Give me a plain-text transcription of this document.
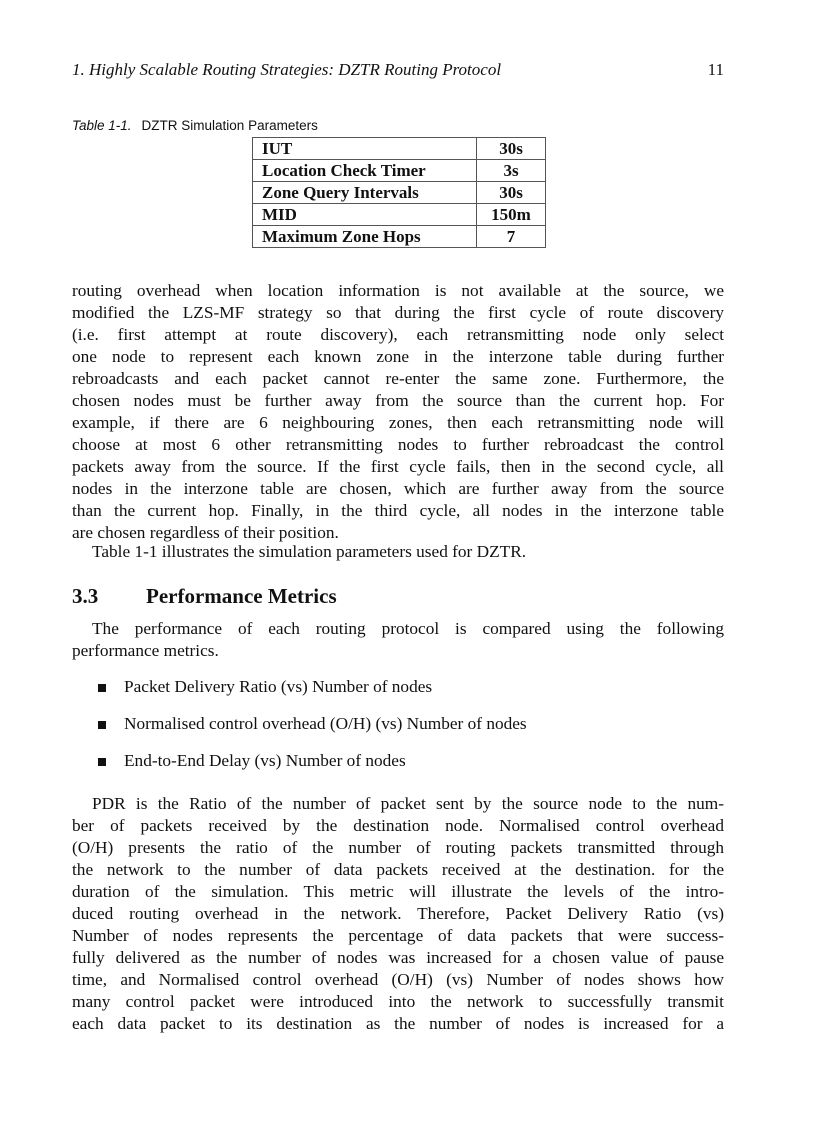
1. Highly Scalable Routing Strategies: DZTR Routing Protocol	11
Table 1-1. DZTR Simulation Parameters
IUT	30s
Location Check Timer	3s
Zone Query Intervals	30s
MID	150m
Maximum Zone Hops	7
routing overhead when location information is not available at the source, we
modified the LZS-MF strategy so that during the first cycle of route discovery
(i.e. first attempt at route discovery), each retransmitting node only select
one node to represent each known zone in the interzone table during further
rebroadcasts and each packet cannot re-enter the same zone. Furthermore, the
chosen nodes must be further away from the source than the current hop. For
example, if there are 6 neighbouring zones, then each retransmitting node will
choose at most 6 other retransmitting nodes to further rebroadcast the control
packets away from the source. If the first cycle fails, then in the second cycle, all
nodes in the interzone table are chosen, which are further away from the source
than the current hop. Finally, in the third cycle, all nodes in the interzone table
are chosen regardless of their position.
Table 1-1 illustrates the simulation parameters used for DZTR.
3.3 Performance Metrics
The performance of each routing protocol is compared using the following
performance metrics.
Packet Delivery Ratio (vs) Number of nodes
Normalised control overhead (O/H) (vs) Number of nodes
End-to-End Delay (vs) Number of nodes
PDR is the Ratio of the number of packet sent by the source node to the num-
ber of packets received by the destination node. Normalised control overhead
(O/H) presents the ratio of the number of routing packets transmitted through
the network to the number of data packets received at the destination. for the
duration of the simulation. This metric will illustrate the levels of the intro-
duced routing overhead in the network. Therefore, Packet Delivery Ratio (vs)
Number of nodes represents the percentage of data packets that were success-
fully delivered as the number of nodes was increased for a chosen value of pause
time, and Normalised control overhead (O/H) (vs) Number of nodes shows how
many control packet were introduced into the network to successfully transmit
each data packet to its destination as the number of nodes is increased for a
